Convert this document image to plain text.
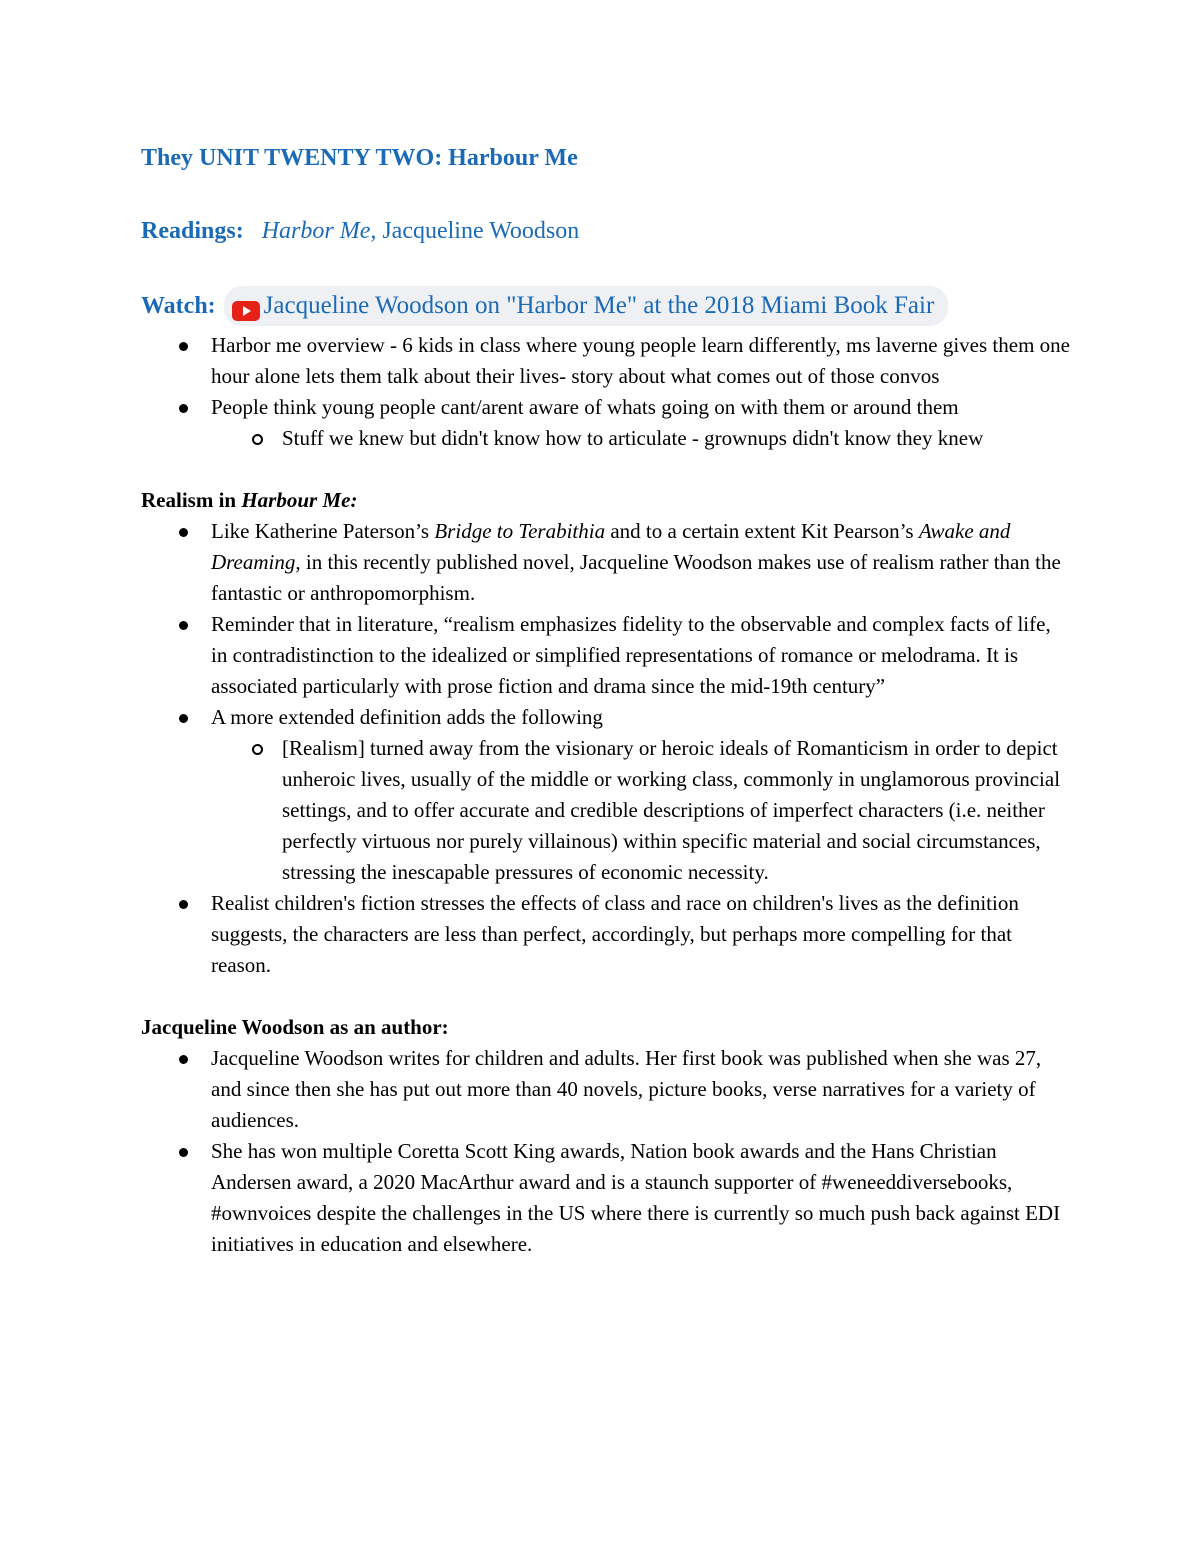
They UNIT TWENTY TWO: Harbour Me
Readings: Harbor Me, Jacqueline Woodson
Watch: Jacqueline Woodson on "Harbor Me" at the 2018 Miami Book Fair
Harbor me overview - 6 kids in class where young people learn differently, ms laverne gives them one hour alone lets them talk about their lives- story about what comes out of those convos
People think young people cant/arent aware of whats going on with them or around them
Stuff we knew but didn't know how to articulate - grownups didn't know they knew

Realism in Harbour Me:

Like Katherine Paterson’s Bridge to Terabithia and to a certain extent Kit Pearson’s Awake and Dreaming, in this recently published novel, Jacqueline Woodson makes use of realism rather than the fantastic or anthropomorphism.
Reminder that in literature, “realism emphasizes fidelity to the observable and complex facts of life, in contradistinction to the idealized or simplified representations of romance or melodrama. It is associated particularly with prose fiction and drama since the mid-19th century”
A more extended definition adds the following
[Realism] turned away from the visionary or heroic ideals of Romanticism in order to depict unheroic lives, usually of the middle or working class, commonly in unglamorous provincial settings, and to offer accurate and credible descriptions of imperfect characters (i.e. neither perfectly virtuous nor purely villainous) within specific material and social circumstances, stressing the inescapable pressures of economic necessity.
Realist children's fiction stresses the effects of class and race on children's lives as the definition suggests, the characters are less than perfect, accordingly, but perhaps more compelling for that reason.

Jacqueline Woodson as an author:

Jacqueline Woodson writes for children and adults. Her first book was published when she was 27, and since then she has put out more than 40 novels, picture books, verse narratives for a variety of audiences.
She has won multiple Coretta Scott King awards, Nation book awards and the Hans Christian Andersen award, a 2020 MacArthur award and is a staunch supporter of #weneeddiversebooks, #ownvoices despite the challenges in the US where there is currently so much push back against EDI initiatives in education and elsewhere.
